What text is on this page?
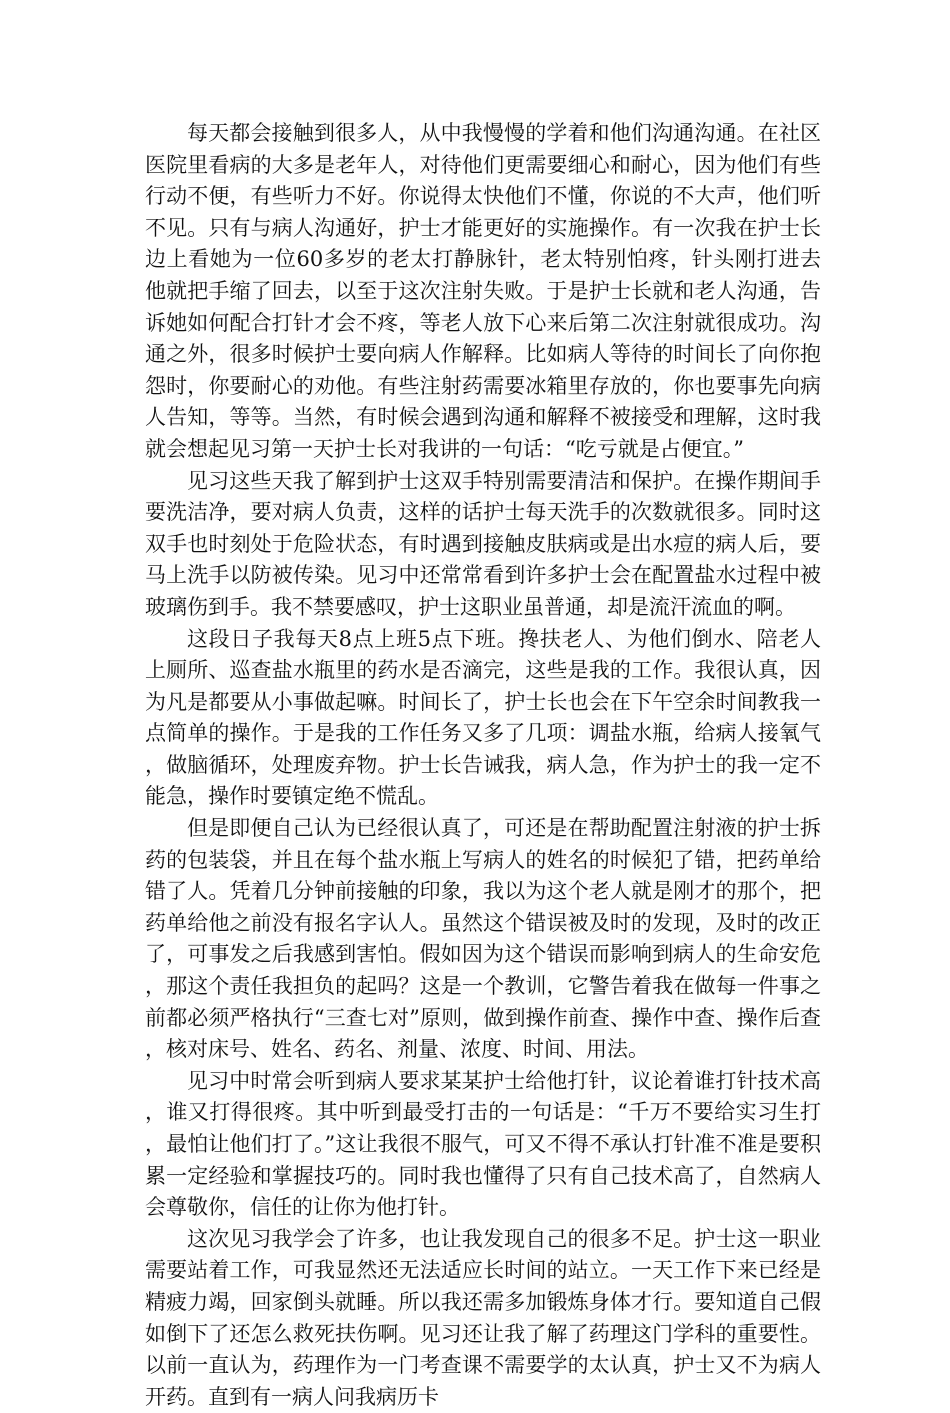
每天都会接触到很多人，从中我慢慢的学着和他们沟通沟通。在社区医院里看病的大多是老年人，对待他们更需要细心和耐心，因为他们有些行动不便，有些听力不好。你说得太快他们不懂，你说的不大声，他们听不见。只有与病人沟通好，护士才能更好的实施操作。有一次我在护士长边上看她为一位60多岁的老太打静脉针，老太特别怕疼，针头刚打进去他就把手缩了回去，以至于这次注射失败。于是护士长就和老人沟通，告诉她如何配合打针才会不疼，等老人放下心来后第二次注射就很成功。沟通之外，很多时候护士要向病人作解释。比如病人等待的时间长了向你抱怨时，你要耐心的劝他。有些注射药需要冰箱里存放的，你也要事先向病人告知，等等。当然，有时候会遇到沟通和解释不被接受和理解，这时我就会想起见习第一天护士长对我讲的一句话：“吃亏就是占便宜。”

见习这些天我了解到护士这双手特别需要清洁和保护。在操作期间手要洗洁净，要对病人负责，这样的话护士每天洗手的次数就很多。同时这双手也时刻处于危险状态，有时遇到接触皮肤病或是出水痘的病人后，要马上洗手以防被传染。见习中还常常看到许多护士会在配置盐水过程中被玻璃伤到手。我不禁要感叹，护士这职业虽普通，却是流汗流血的啊。

这段日子我每天8点上班5点下班。搀扶老人、为他们倒水、陪老人上厕所、巡查盐水瓶里的药水是否滴完，这些是我的工作。我很认真，因为凡是都要从小事做起嘛。时间长了，护士长也会在下午空余时间教我一点简单的操作。于是我的工作任务又多了几项：调盐水瓶，给病人接氧气，做脑循环，处理废弃物。护士长告诫我，病人急，作为护士的我一定不能急，操作时要镇定绝不慌乱。

但是即便自己认为已经很认真了，可还是在帮助配置注射液的护士拆药的包装袋，并且在每个盐水瓶上写病人的姓名的时候犯了错，把药单给错了人。凭着几分钟前接触的印象，我以为这个老人就是刚才的那个，把药单给他之前没有报名字认人。虽然这个错误被及时的发现，及时的改正了，可事发之后我感到害怕。假如因为这个错误而影响到病人的生命安危，那这个责任我担负的起吗？这是一个教训，它警告着我在做每一件事之前都必须严格执行“三查七对”原则，做到操作前查、操作中查、操作后查，核对床号、姓名、药名、剂量、浓度、时间、用法。

见习中时常会听到病人要求某某护士给他打针，议论着谁打针技术高，谁又打得很疼。其中听到最受打击的一句话是：“千万不要给实习生打，最怕让他们打了。”这让我很不服气，可又不得不承认打针准不准是要积累一定经验和掌握技巧的。同时我也懂得了只有自己技术高了，自然病人会尊敬你，信任的让你为他打针。

这次见习我学会了许多，也让我发现自己的很多不足。护士这一职业需要站着工作，可我显然还无法适应长时间的站立。一天工作下来已经是精疲力竭，回家倒头就睡。所以我还需多加锻炼身体才行。要知道自己假如倒下了还怎么救死扶伤啊。见习还让我了解了药理这门学科的重要性。以前一直认为，药理作为一门考查课不需要学的太认真，护士又不为病人开药。直到有一病人问我病历卡
